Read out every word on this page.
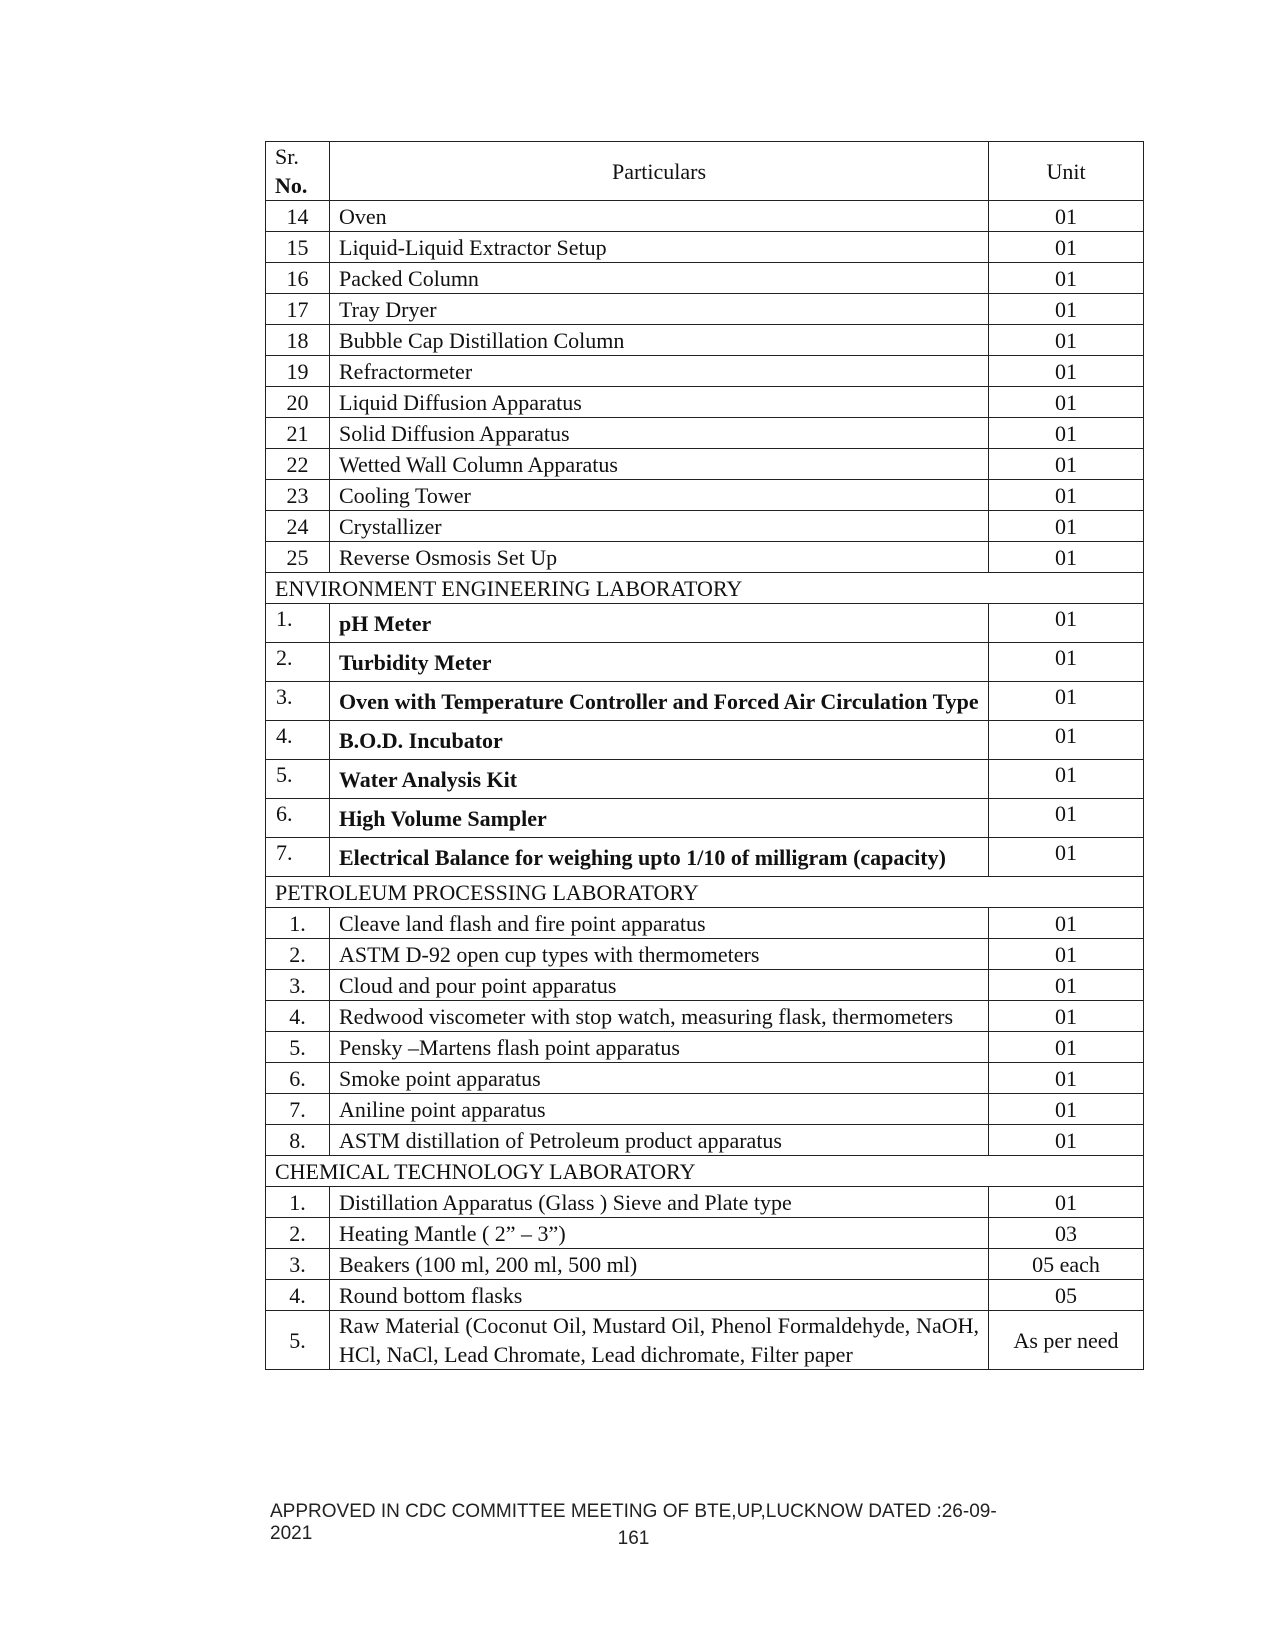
Sr.
No.	Particulars	Unit
14	Oven	01
15	Liquid-Liquid Extractor Setup	01
16	Packed Column	01
17	Tray Dryer	01
18	Bubble Cap Distillation Column	01
19	Refractormeter	01
20	Liquid Diffusion Apparatus	01
21	Solid Diffusion Apparatus	01
22	Wetted Wall Column Apparatus	01
23	Cooling Tower	01
24	Crystallizer	01
25	Reverse Osmosis Set Up	01
ENVIRONMENT ENGINEERING LABORATORY		
1.	pH Meter	01
2.	Turbidity Meter	01
3.	Oven with Temperature Controller and Forced Air Circulation Type	01
4.	B.O.D. Incubator	01
5.	Water Analysis Kit	01
6.	High Volume Sampler	01
7.	Electrical Balance for weighing upto 1/10 of milligram (capacity)	01
PETROLEUM PROCESSING LABORATORY		
1.	Cleave land flash and fire point apparatus	01
2.	ASTM D-92 open cup types with thermometers	01
3.	Cloud and pour point apparatus	01
4.	Redwood viscometer with stop watch, measuring flask, thermometers	01
5.	Pensky –Martens flash point apparatus	01
6.	Smoke point apparatus	01
7.	Aniline point apparatus	01
8.	ASTM distillation of Petroleum product apparatus	01
CHEMICAL TECHNOLOGY LABORATORY		
1.	Distillation Apparatus (Glass ) Sieve and Plate type	01
2.	Heating Mantle ( 2” – 3”)	03
3.	Beakers (100 ml, 200 ml, 500 ml)	05 each
4.	Round bottom flasks	05
5.	Raw Material (Coconut Oil, Mustard Oil, Phenol Formaldehyde, NaOH, HCl, NaCl, Lead Chromate, Lead dichromate, Filter paper	As per need
APPROVED IN CDC COMMITTEE MEETING OF BTE,UP,LUCKNOW DATED :26-09-2021	161
